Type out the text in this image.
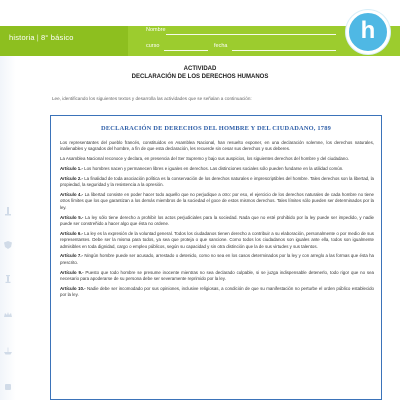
historia | 8° básico
Nombre
curso	fecha
h
ACTIVIDAD
DECLARACIÓN DE LOS DERECHOS HUMANOS
Lee, identificando los siguientes textos y desarrolla las actividades que se señalan a continuación:
DECLARACIÓN DE DERECHOS DEL HOMBRE Y DEL CIUDADANO, 1789

Los representantes del pueblo francés, constituidos en Asamblea Nacional, han resuelto exponer, en una declaración solemne, los derechos naturales, inalienables y sagrados del hombre, a fin de que esta declaración, les recuerde sin cesar sus derechos y sus deberes.

La Asamblea Nacional reconoce y declara, en presencia del Ser Supremo y bajo sus auspicios, los siguientes derechos del hombre y del ciudadano.

Artículo 1.- Los hombres nacen y permanecen libres e iguales en derechos. Las distinciones sociales sólo pueden fundarse en la utilidad común.

Artículo 2.- La finalidad de toda asociación política es la conservación de los derechos naturales e imprescriptibles del hombre. Tales derechos son la libertad, la propiedad, la seguridad y la resistencia a la opresión.

Artículo 4.- La libertad consiste en poder hacer todo aquello que no perjudique a otro: por eso, el ejercicio de los derechos naturales de cada hombre no tiene otros límites que los que garantizan a los demás miembros de la sociedad el goce de estos mismos derechos. Tales límites sólo pueden ser determinados por la ley.

Artículo 5.- La ley sólo tiene derecho a prohibir los actos perjudiciales para la sociedad. Nada que no esté prohibido por la ley puede ser impedido, y nadie puede ser constreñido a hacer algo que ésta no ordene.

Artículo 6.- La ley es la expresión de la voluntad general. Todos los ciudadanos tienen derecho a contribuir a su elaboración, personalmente o por medio de sus representantes. Debe ser la misma para todos, ya sea que proteja o que sancione. Como todos los ciudadanos son iguales ante ella, todos son igualmente admisibles en toda dignidad, cargo o empleo públicos, según su capacidad y sin otra distinción que la de sus virtudes y sus talentos.

Artículo 7.- Ningún hombre puede ser acusado, arrestado o detenido, como no sea en los casos determinados por la ley y con arreglo a las formas que ésta ha prescrito.

Artículo 9.- Puesto que todo hombre se presume inocente mientras no sea declarado culpable, si se juzga indispensable detenerlo, todo rigor que no sea necesario para apoderarse de su persona debe ser severamente reprimido por la ley.

Artículo 10.- Nadie debe ser incomodado por sus opiniones, inclusive religiosas, a condición de que su manifestación no perturbe el orden público establecido por la ley.
